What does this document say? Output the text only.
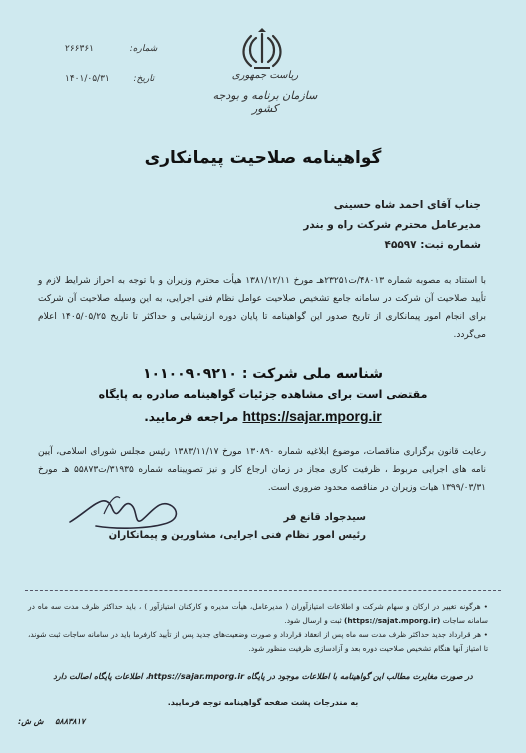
شماره:  ۲۶۶۳۶۱
تاریخ:  ۱۴۰۱/۰۵/۳۱	ریاست جمهوری
سازمان برنامه و بودجه کشور
گواهینامه صلاحیت پیمانکاری
جناب آقای احمد شاه حسینی
مدیرعامل محترم شرکت راه و بندر
شماره ثبت: ۴۵۵۹۷
با استناد به مصوبه شماره ۴۸۰۱۳/ت۲۳۲۵۱هـ مورخ ۱۳۸۱/۱۲/۱۱ هیأت محترم وزیران و با توجه به احراز شرایط لازم و تأیید صلاحیت آن شرکت در سامانه جامع تشخیص صلاحیت عوامل نظام فنی اجرایی، به این وسیله صلاحیت آن شرکت برای انجام امور پیمانکاری از تاریخ صدور این گواهینامه تا پایان دوره ارزشیابی و حداکثر تا تاریخ ۱۴۰۵/۰۵/۲۵ اعلام می‌گردد.
شناسه ملی شرکت : ۱۰۱۰۰۹۰۹۲۱۰
مقتضی است برای مشاهده جزئیات گواهینامه صادره به پایگاه
https://sajar.mporg.ir مراجعه فرمایید.
رعایت قانون برگزاری مناقصات، موضوع ابلاغیه شماره ۱۳۰۸۹۰ مورخ ۱۳۸۳/۱۱/۱۷ رئیس مجلس شورای اسلامی، آیین نامه های اجرایی مربوط ، ظرفیت کاری مجاز در زمان ارجاع کار و نیز تصویبنامه شماره ۳۱۹۳۵/ت۵۵۸۷۳ هـ مورخ ۱۳۹۹/۰۳/۳۱ هیات وزیران در مناقصه محدود ضروری است.
سیدجواد قانع فر
رئیس امور نظام فنی اجرایی، مشاورین و پیمانکاران
• هرگونه تغییر در ارکان و سهام شرکت و اطلاعات امتیازآوران ( مدیرعامل، هیأت مدیره و کارکنان امتیازآور ) ، باید حداکثر ظرف مدت سه ماه در سامانه ساجات (https://sajat.mporg.ir) ثبت و ارسال شود.
• هر قرارداد جدید حداکثر ظرف مدت سه ماه پس از انعقاد قرارداد و صورت وضعیت‌های جدید پس از تأیید کارفرما باید در سامانه ساجات ثبت شوند، تا امتیاز آنها هنگام تشخیص صلاحیت دوره بعد و آزادسازی ظرفیت منظور شود.
در صورت مغایرت مطالب این گواهینامه با اطلاعات موجود در پایگاه https://sajar.mporg.ir، اطلاعات پایگاه اصالت دارد
به مندرجات پشت صفحه گواهینامه توجه فرمایید.
۵۸۸۳۸۱۷  ش ش:
